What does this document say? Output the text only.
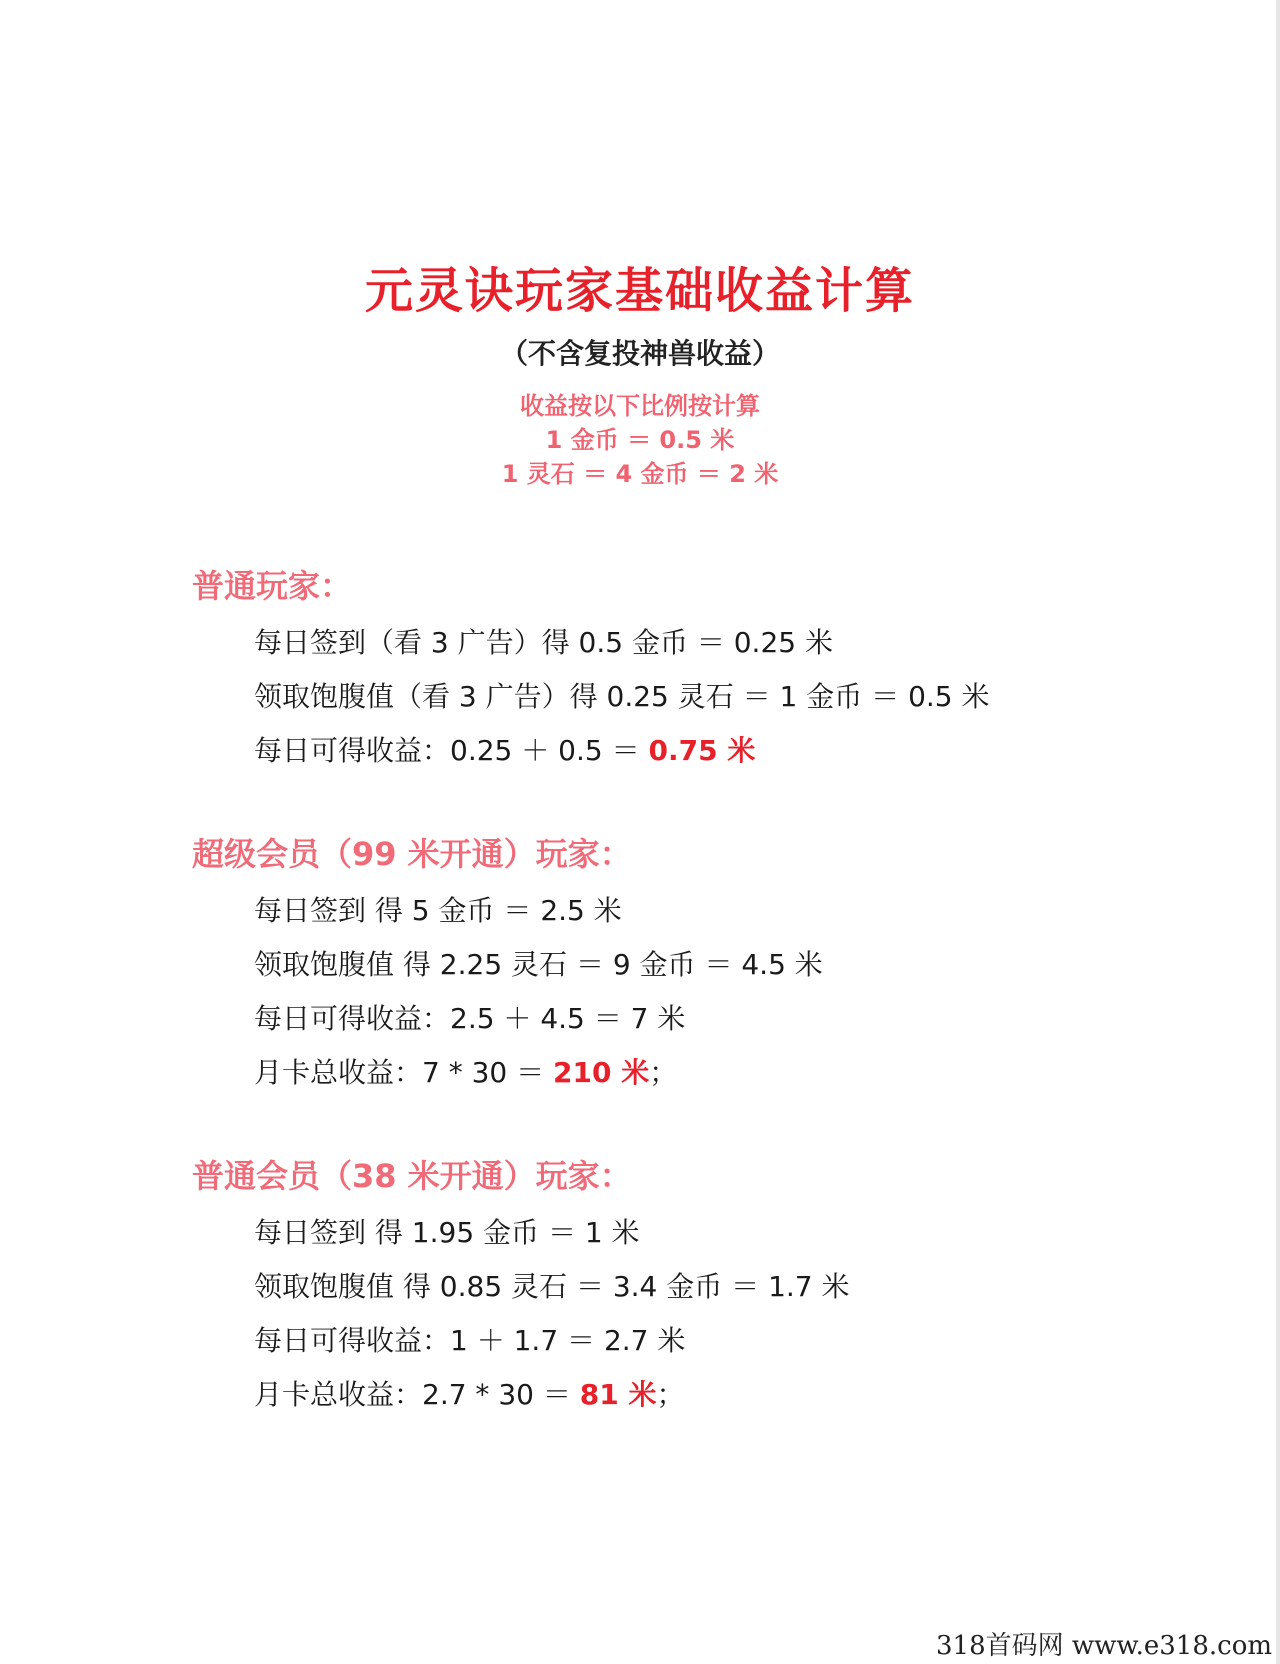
元灵诀玩家基础收益计算
（不含复投神兽收益）
收益按以下比例按计算
1 金币 ＝ 0.5 米
1 灵石 ＝ 4 金币 ＝ 2 米
普通玩家：
每日签到（看 3 广告）得 0.5 金币 ＝ 0.25 米
领取饱腹值（看 3 广告）得 0.25 灵石 ＝ 1 金币 ＝ 0.5 米
每日可得收益：0.25 ＋ 0.5 ＝ 0.75 米
超级会员（99 米开通）玩家：
每日签到 得 5 金币 ＝ 2.5 米
领取饱腹值 得 2.25 灵石 ＝ 9 金币 ＝ 4.5 米
每日可得收益：2.5 ＋ 4.5 ＝ 7 米
月卡总收益：7 * 30 ＝ 210 米；
普通会员（38 米开通）玩家：
每日签到 得 1.95 金币 ＝ 1 米
领取饱腹值 得 0.85 灵石 ＝ 3.4 金币 ＝ 1.7 米
每日可得收益：1 ＋ 1.7 ＝ 2.7 米
月卡总收益：2.7 * 30 ＝ 81 米；
318首码网 www.e318.com
